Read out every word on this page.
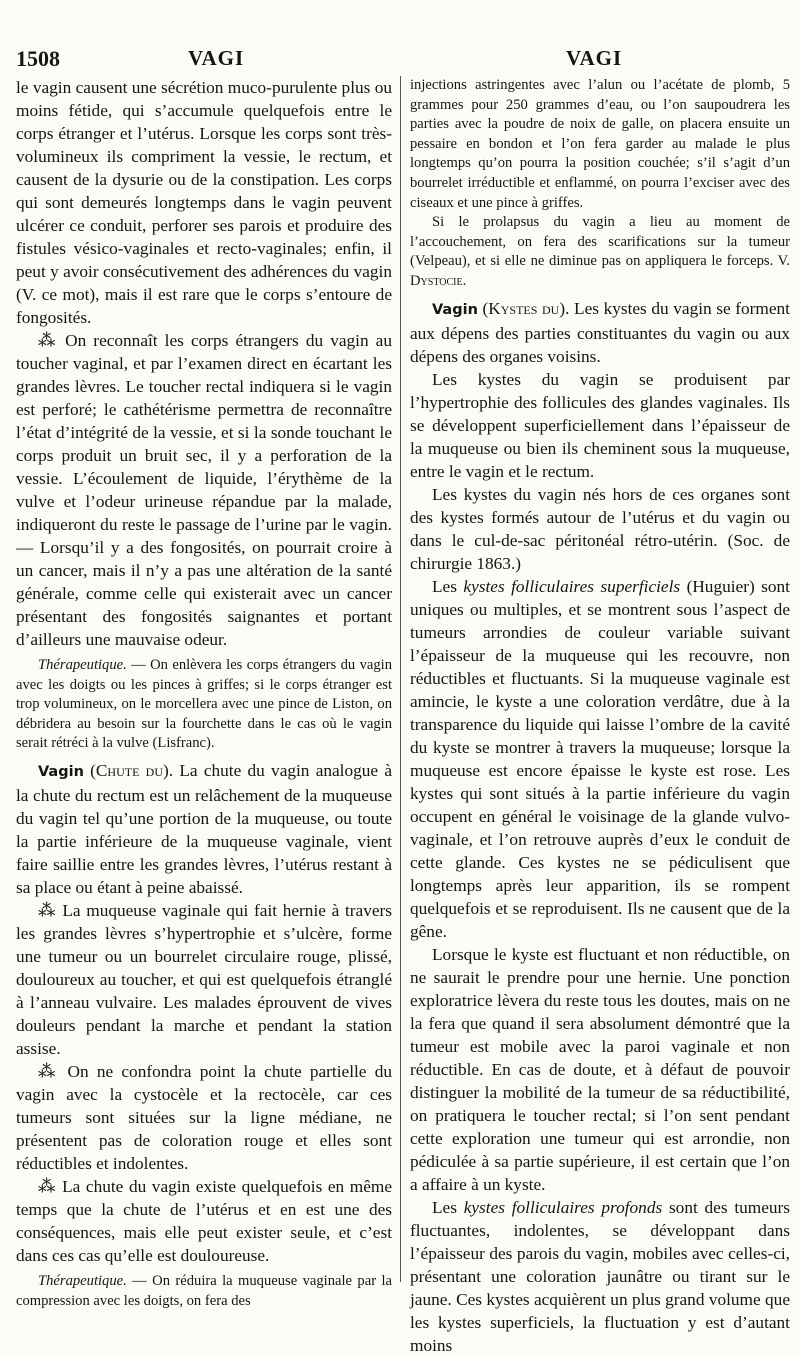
1508	VAGI	VAGI

le vagin causent une sécrétion muco-purulente plus ou moins fétide, qui s’accumule quelquefois entre le corps étranger et l’utérus. Lorsque les corps sont très-volumineux ils compriment la vessie, le rectum, et causent de la dysurie ou de la constipation. Les corps qui sont demeurés longtemps dans le vagin peuvent ulcérer ce conduit, perforer ses parois et produire des fistules vésico-vaginales et recto-vaginales; enfin, il peut y avoir consécutivement des adhérences du vagin (V. ce mot), mais il est rare que le corps s’entoure de fongosités.

⁂ On reconnaît les corps étrangers du vagin au toucher vaginal, et par l’examen direct en écartant les grandes lèvres. Le toucher rectal indiquera si le vagin est perforé; le cathétérisme permettra de reconnaître l’état d’intégrité de la vessie, et si la sonde touchant le corps produit un bruit sec, il y a perforation de la vessie. L’écoulement de liquide, l’érythème de la vulve et l’odeur urineuse répandue par la malade, indiqueront du reste le passage de l’urine par le vagin. — Lorsqu’il y a des fongosités, on pourrait croire à un cancer, mais il n’y a pas une altération de la santé générale, comme celle qui existerait avec un cancer présentant des fongosités saignantes et portant d’ailleurs une mauvaise odeur.

Thérapeutique. — On enlèvera les corps étrangers du vagin avec les doigts ou les pinces à griffes; si le corps étranger est trop volumineux, on le morcellera avec une pince de Liston, on débridera au besoin sur la fourchette dans le cas où le vagin serait rétréci à la vulve (Lisfranc).

Vagin (Chute du). La chute du vagin analogue à la chute du rectum est un relâchement de la muqueuse du vagin tel qu’une portion de la muqueuse, ou toute la partie inférieure de la muqueuse vaginale, vient faire saillie entre les grandes lèvres, l’utérus restant à sa place ou étant à peine abaissé.

⁂ La muqueuse vaginale qui fait hernie à travers les grandes lèvres s’hypertrophie et s’ulcère, forme une tumeur ou un bourrelet circulaire rouge, plissé, douloureux au toucher, et qui est quelquefois étranglé à l’anneau vulvaire. Les malades éprouvent de vives douleurs pendant la marche et pendant la station assise.

⁂ On ne confondra point la chute partielle du vagin avec la cystocèle et la rectocèle, car ces tumeurs sont situées sur la ligne médiane, ne présentent pas de coloration rouge et elles sont réductibles et indolentes.

⁂ La chute du vagin existe quelquefois en même temps que la chute de l’utérus et en est une des conséquences, mais elle peut exister seule, et c’est dans ces cas qu’elle est douloureuse.

Thérapeutique. — On réduira la muqueuse vaginale par la compression avec les doigts, on fera des

injections astringentes avec l’alun ou l’acétate de plomb, 5 grammes pour 250 grammes d’eau, ou l’on saupoudrera les parties avec la poudre de noix de galle, on placera ensuite un pessaire en bondon et l’on fera garder au malade le plus longtemps qu’on pourra la position couchée; s’il s’agit d’un bourrelet irréductible et enflammé, on pourra l’exciser avec des ciseaux et une pince à griffes.

Si le prolapsus du vagin a lieu au moment de l’accouchement, on fera des scarifications sur la tumeur (Velpeau), et si elle ne diminue pas on appliquera le forceps. V. Dystocie.

Vagin (Kystes du). Les kystes du vagin se forment aux dépens des parties constituantes du vagin ou aux dépens des organes voisins.

Les kystes du vagin se produisent par l’hypertrophie des follicules des glandes vaginales. Ils se développent superficiellement dans l’épaisseur de la muqueuse ou bien ils cheminent sous la muqueuse, entre le vagin et le rectum.

Les kystes du vagin nés hors de ces organes sont des kystes formés autour de l’utérus et du vagin ou dans le cul-de-sac péritonéal rétro-utérin. (Soc. de chirurgie 1863.)

Les kystes folliculaires superficiels (Huguier) sont uniques ou multiples, et se montrent sous l’aspect de tumeurs arrondies de couleur variable suivant l’épaisseur de la muqueuse qui les recouvre, non réductibles et fluctuants. Si la muqueuse vaginale est amincie, le kyste a une coloration verdâtre, due à la transparence du liquide qui laisse l’ombre de la cavité du kyste se montrer à travers la muqueuse; lorsque la muqueuse est encore épaisse le kyste est rose. Les kystes qui sont situés à la partie inférieure du vagin occupent en général le voisinage de la glande vulvo-vaginale, et l’on retrouve auprès d’eux le conduit de cette glande. Ces kystes ne se pédiculisent que longtemps après leur apparition, ils se rompent quelquefois et se reproduisent. Ils ne causent que de la gêne.

Lorsque le kyste est fluctuant et non réductible, on ne saurait le prendre pour une hernie. Une ponction exploratrice lèvera du reste tous les doutes, mais on ne la fera que quand il sera absolument démontré que la tumeur est mobile avec la paroi vaginale et non réductible. En cas de doute, et à défaut de pouvoir distinguer la mobilité de la tumeur de sa réductibilité, on pratiquera le toucher rectal; si l’on sent pendant cette exploration une tumeur qui est arrondie, non pédiculée à sa partie supérieure, il est certain que l’on a affaire à un kyste.

Les kystes folliculaires profonds sont des tumeurs fluctuantes, indolentes, se développant dans l’épaisseur des parois du vagin, mobiles avec celles-ci, présentant une coloration jaunâtre ou tirant sur le jaune. Ces kystes acquièrent un plus grand volume que les kystes superficiels, la fluctuation y est d’autant moins
